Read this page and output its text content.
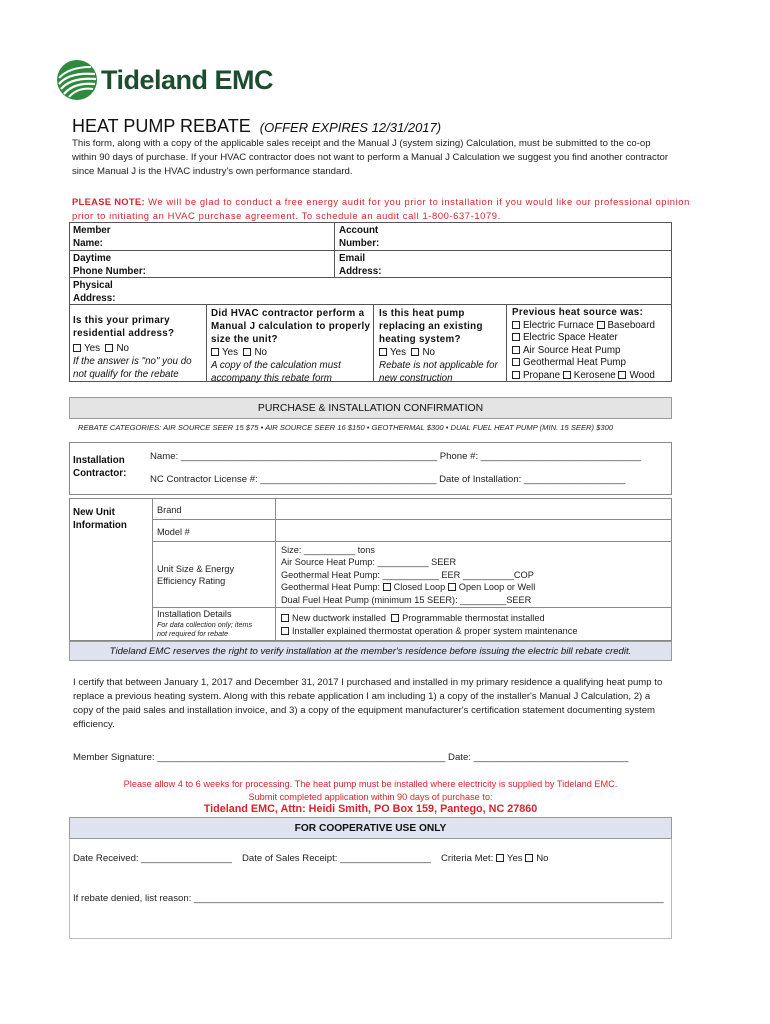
Tideland EMC
HEAT PUMP REBATE (OFFER EXPIRES 12/31/2017)
This form, along with a copy of the applicable sales receipt and the Manual J (system sizing) Calculation, must be submitted to the co-op within 90 days of purchase. If your HVAC contractor does not want to perform a Manual J Calculation we suggest you find another contractor since Manual J is the HVAC industry's own performance standard.
PLEASE NOTE: We will be glad to conduct a free energy audit for you prior to installation if you would like our professional opinion prior to initiating an HVAC purchase agreement. To schedule an audit call 1-800-637-1079.
Member
Name:
Account
Number:
Daytime
Phone Number:
Email
Address:
Physical
Address:
Is this your primary residential address?
Yes No
If the answer is "no" you do not qualify for the rebate
Did HVAC contractor perform a Manual J calculation to properly size the unit?
Yes No
A copy of the calculation must accompany this rebate form
Is this heat pump replacing an existing heating system?
Yes No
Rebate is not applicable for new construction
Previous heat source was:
Electric Furnace Baseboard
Electric Space Heater
Air Source Heat Pump
Geothermal Heat Pump
Propane Kerosene Wood
PURCHASE & INSTALLATION CONFIRMATION
REBATE CATEGORIES: AIR SOURCE SEER 15 $75 • AIR SOURCE SEER 16 $150 • GEOTHERMAL $300 • DUAL FUEL HEAT PUMP (MIN. 15 SEER) $300
Installation
Contractor:
Name: ________________________________________________ Phone #: ______________________________
NC Contractor License #: _________________________________ Date of Installation: ___________________
New Unit
Information
Brand
Model #
Unit Size & Energy
Efficiency Rating
Size: __________ tons
Air Source Heat Pump: __________ SEER
Geothermal Heat Pump: ___________ EER __________COP
Geothermal Heat Pump: Closed Loop Open Loop or Well
Dual Fuel Heat Pump (minimum 15 SEER): _________SEER
Installation Details
For data collection only; items
not required for rebate
New ductwork installed Programmable thermostat installed
Installer explained thermostat operation & proper system maintenance
Tideland EMC reserves the right to verify installation at the member's residence before issuing the electric bill rebate credit.
I certify that between January 1, 2017 and December 31, 2017 I purchased and installed in my primary residence a qualifying heat pump to replace a previous heating system. Along with this rebate application I am including 1) a copy of the installer's Manual J Calculation, 2) a copy of the paid sales and installation invoice, and 3) a copy of the equipment manufacturer's certification statement documenting system efficiency.
Member Signature: ______________________________________________________ Date: _____________________________
Please allow 4 to 6 weeks for processing. The heat pump must be installed where electricity is supplied by Tideland EMC.
Submit completed application within 90 days of purchase to:
Tideland EMC, Attn: Heidi Smith, PO Box 159, Pantego, NC 27860
FOR COOPERATIVE USE ONLY
Date Received: _________________ Date of Sales Receipt: _________________ Criteria Met: Yes No
If rebate denied, list reason: ________________________________________________________________________________________
